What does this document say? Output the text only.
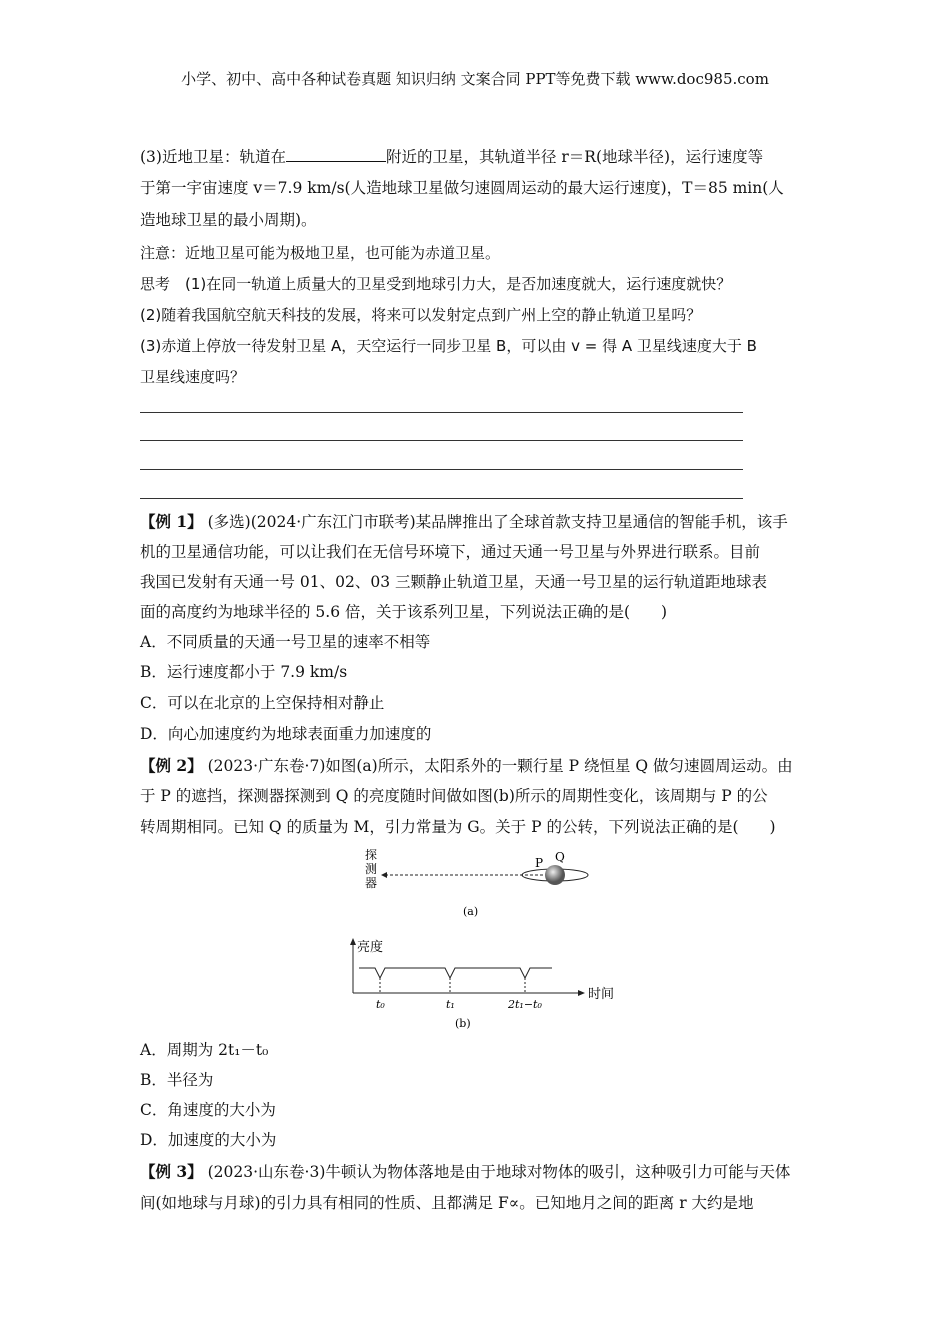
小学、初中、高中各种试卷真题 知识归纳 文案合同 PPT等免费下载 www.doc985.com
(3)近地卫星：轨道在	附近的卫星，其轨道半径 r＝R(地球半径)，运行速度等
于第一宇宙速度 v＝7.9 km/s(人造地球卫星做匀速圆周运动的最大运行速度)，T＝85 min(人
造地球卫星的最小周期)。
注意：近地卫星可能为极地卫星，也可能为赤道卫星。
思考　(1)在同一轨道上质量大的卫星受到地球引力大，是否加速度就大，运行速度就快？
(2)随着我国航空航天科技的发展，将来可以发射定点到广州上空的静止轨道卫星吗？
(3)赤道上停放一待发射卫星 A，天空运行一同步卫星 B，可以由 v = 得 A 卫星线速度大于 B
卫星线速度吗？
【例 1】 (多选)(2024·广东江门市联考)某品牌推出了全球首款支持卫星通信的智能手机，该手
机的卫星通信功能，可以让我们在无信号环境下，通过天通一号卫星与外界进行联系。目前
我国已发射有天通一号 01、02、03 三颗静止轨道卫星，天通一号卫星的运行轨道距地球表
面的高度约为地球半径的 5.6 倍，关于该系列卫星，下列说法正确的是(　　)
A．不同质量的天通一号卫星的速率不相等
B．运行速度都小于 7.9 km/s
C．可以在北京的上空保持相对静止
D．向心加速度约为地球表面重力加速度的
【例 2】 (2023·广东卷·7)如图(a)所示，太阳系外的一颗行星 P 绕恒星 Q 做匀速圆周运动。由
于 P 的遮挡，探测器探测到 Q 的亮度随时间做如图(b)所示的周期性变化，该周期与 P 的公
转周期相同。已知 Q 的质量为 M，引力常量为 G。关于 P 的公转，下列说法正确的是(　　)
探
测
器
P Q
(a)
亮度
时间
t₀	t₁	2t₁−t₀
(b)
A．周期为 2t₁－t₀
B．半径为
C．角速度的大小为
D．加速度的大小为
【例 3】 (2023·山东卷·3)牛顿认为物体落地是由于地球对物体的吸引，这种吸引力可能与天体
间(如地球与月球)的引力具有相同的性质、且都满足 F∝。已知地月之间的距离 r 大约是地
